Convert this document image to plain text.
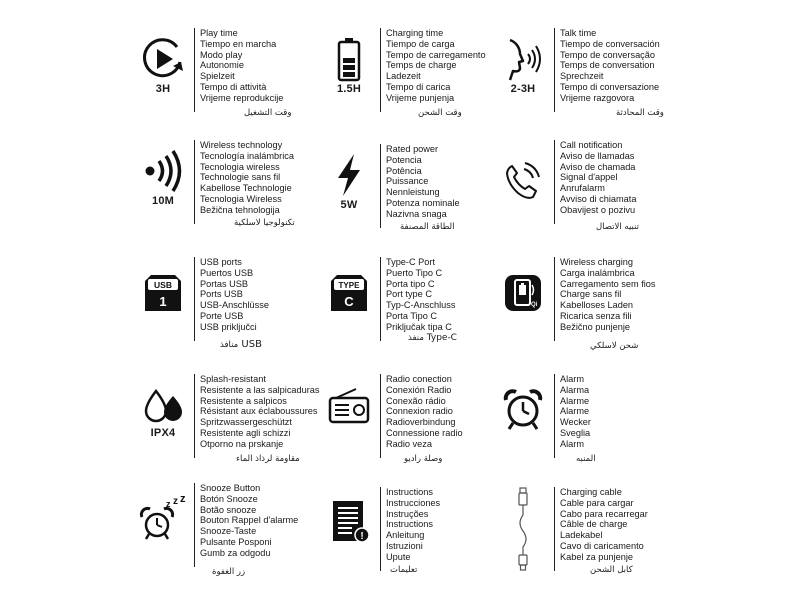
3H
Play time
Tiempo en marcha
Modo play
Autonomie
Spielzeit
Tempo di attività
Vrijeme reprodukcije
وقت التشغيل
1.5H
Charging time
Tiempo de carga
Tempo de carregamento
Temps de charge
Ladezeit
Tempo di carica
Vrijeme punjenja
وقت الشحن
2-3H
Talk time
Tiempo de conversación
Tempo de conversação
Temps de conversation
Sprechzeit
Tempo di conversazione
Vrijeme razgovora
وقت المحادثة
10M
Wireless technology
Tecnología inalámbrica
Tecnologia wireless
Technologie sans fil
Kabellose Technologie
Tecnologia Wireless
Bežična tehnologija
تكنولوجيا لاسلكية
5W
Rated power
Potencia
Potência
Puissance
Nennleistung
Potenza nominale
Nazivna snaga
الطاقة المصنفة
Call notification
Aviso de llamadas
Aviso de chamada
Signal d'appel
Anrufalarm
Avviso di chiamata
Obavijest o pozivu
تنبيه الاتصال
USB
1
USB ports
Puertos USB
Portas USB
Ports USB
USB-Anschlüsse
Porte USB
USB priključci
منافذ USB
TYPE
C
Type-C Port
Puerto Tipo C
Porta tipo C
Port type C
Typ-C-Anschluss
Porta Tipo C
Priključak tipa C
منفذ Type-C
Qi
Wireless charging
Carga inalámbrica
Carregamento sem fios
Charge sans fil
Kabelloses Laden
Ricarica senza fili
Bežično punjenje
شحن لاسلكي
IPX4
Splash-resistant
Resistente a las salpicaduras
Resistente a salpicos
Résistant aux éclaboussures
Spritzwassergeschützt
Resistente agli schizzi
Otporno na prskanje
مقاومة لرذاذ الماء
Radio conection
Conexión Radio
Conexão rádio
Connexion radio
Radioverbindung
Connessione radio
Radio veza
وصلة راديو
Alarm
Alarma
Alarme
Alarme
Wecker
Sveglia
Alarm
المنبه
z z z
Snooze Button
Botón Snooze
Botão snooze
Bouton Rappel d'alarme
Snooze-Taste
Pulsante Posponi
Gumb za odgodu
زر الغفوة
!
Instructions
Instrucciones
Instruções
Instructions
Anleitung
Istruzioni
Upute
تعليمات
Charging cable
Cable para cargar
Cabo para recarregar
Câble de charge
Ladekabel
Cavo di caricamento
Kabel za punjenje
كابل الشحن
